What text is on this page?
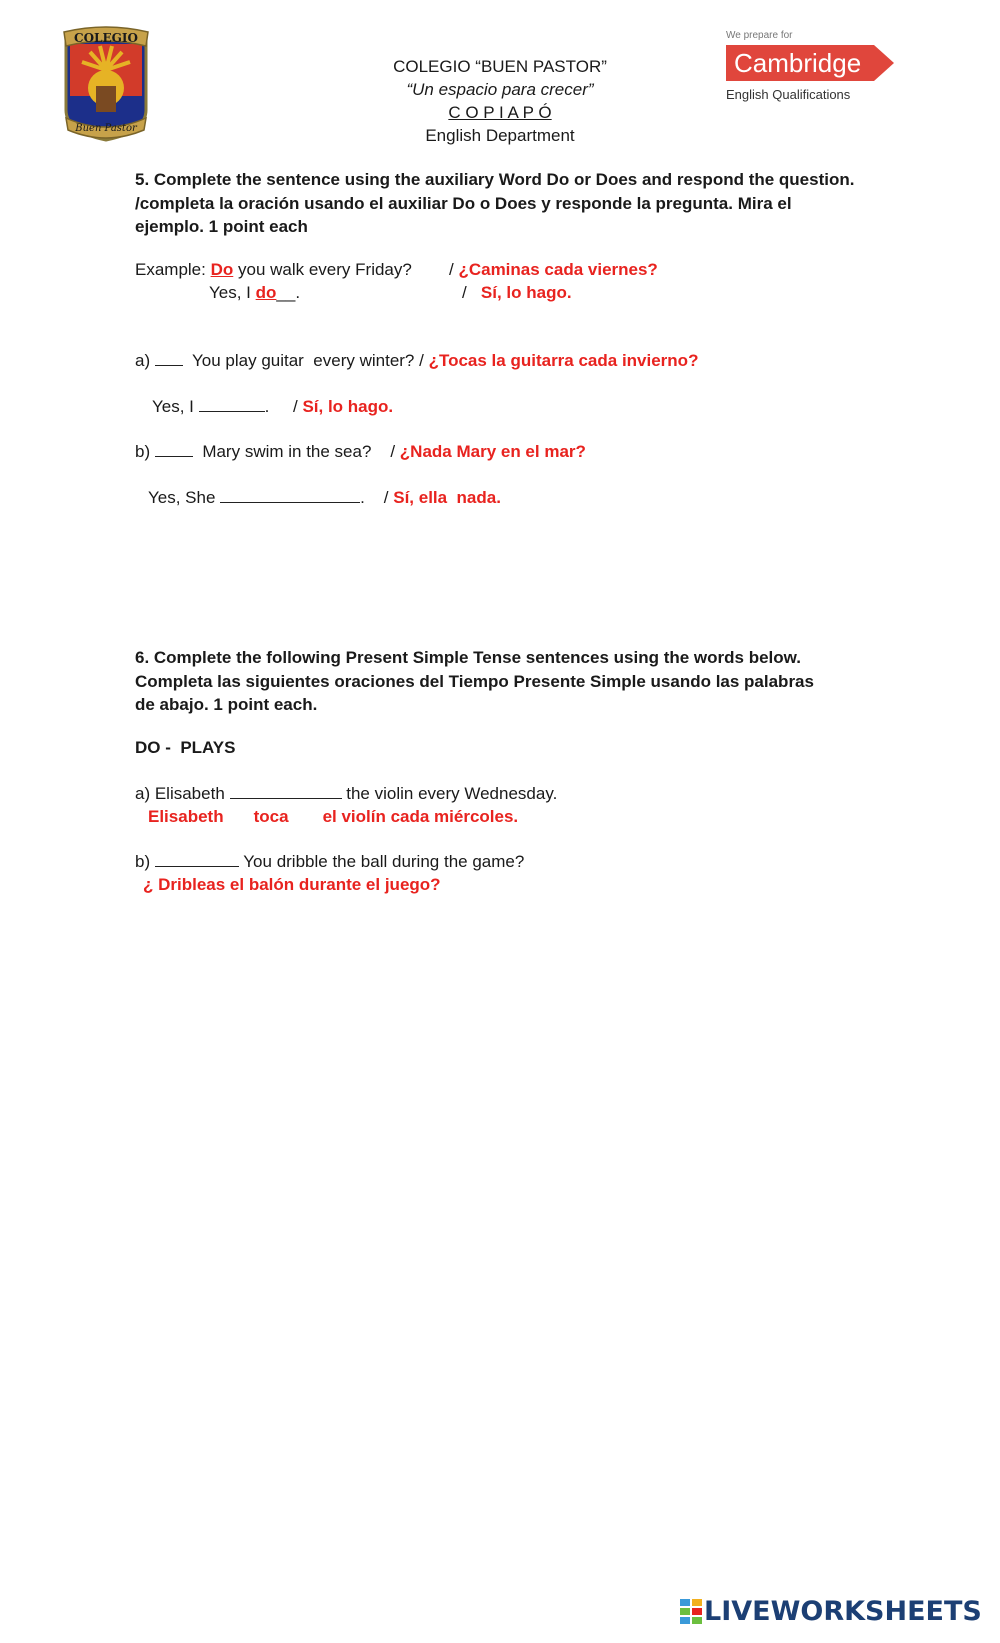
COLEGIO
Buen Pastor
COLEGIO “BUEN PASTOR”
“Un espacio para crecer”
C O P I A P Ó
English Department
We prepare for
Cambridge
English Qualifications
5. Complete the sentence using the auxiliary Word Do or Does and respond the question. /completa la oración usando el auxiliar Do o Does y responde la pregunta. Mira el ejemplo. 1 point each
Example: Do you walk every Friday? / ¿Caminas cada viernes?
Yes, I do__.	/   Sí, lo hago.
a) You play guitar  every winter? / ¿Tocas la guitarra cada invierno?
Yes, I	.     / Sí, lo hago.
b)	Mary swim in the sea?    / ¿Nada Mary en el mar?
Yes, She	.    / Sí, ella  nada.
6. Complete the following Present Simple Tense sentences using the words below. Completa las siguientes oraciones del Tiempo Presente Simple usando las palabras de abajo. 1 point each.
DO -  PLAYS
a) Elisabeth	the violin every Wednesday.
Elisabeth toca el violín cada miércoles.
b)	You dribble the ball during the game?
¿ Dribleas el balón durante el juego?
LIVEWORKSHEETS
